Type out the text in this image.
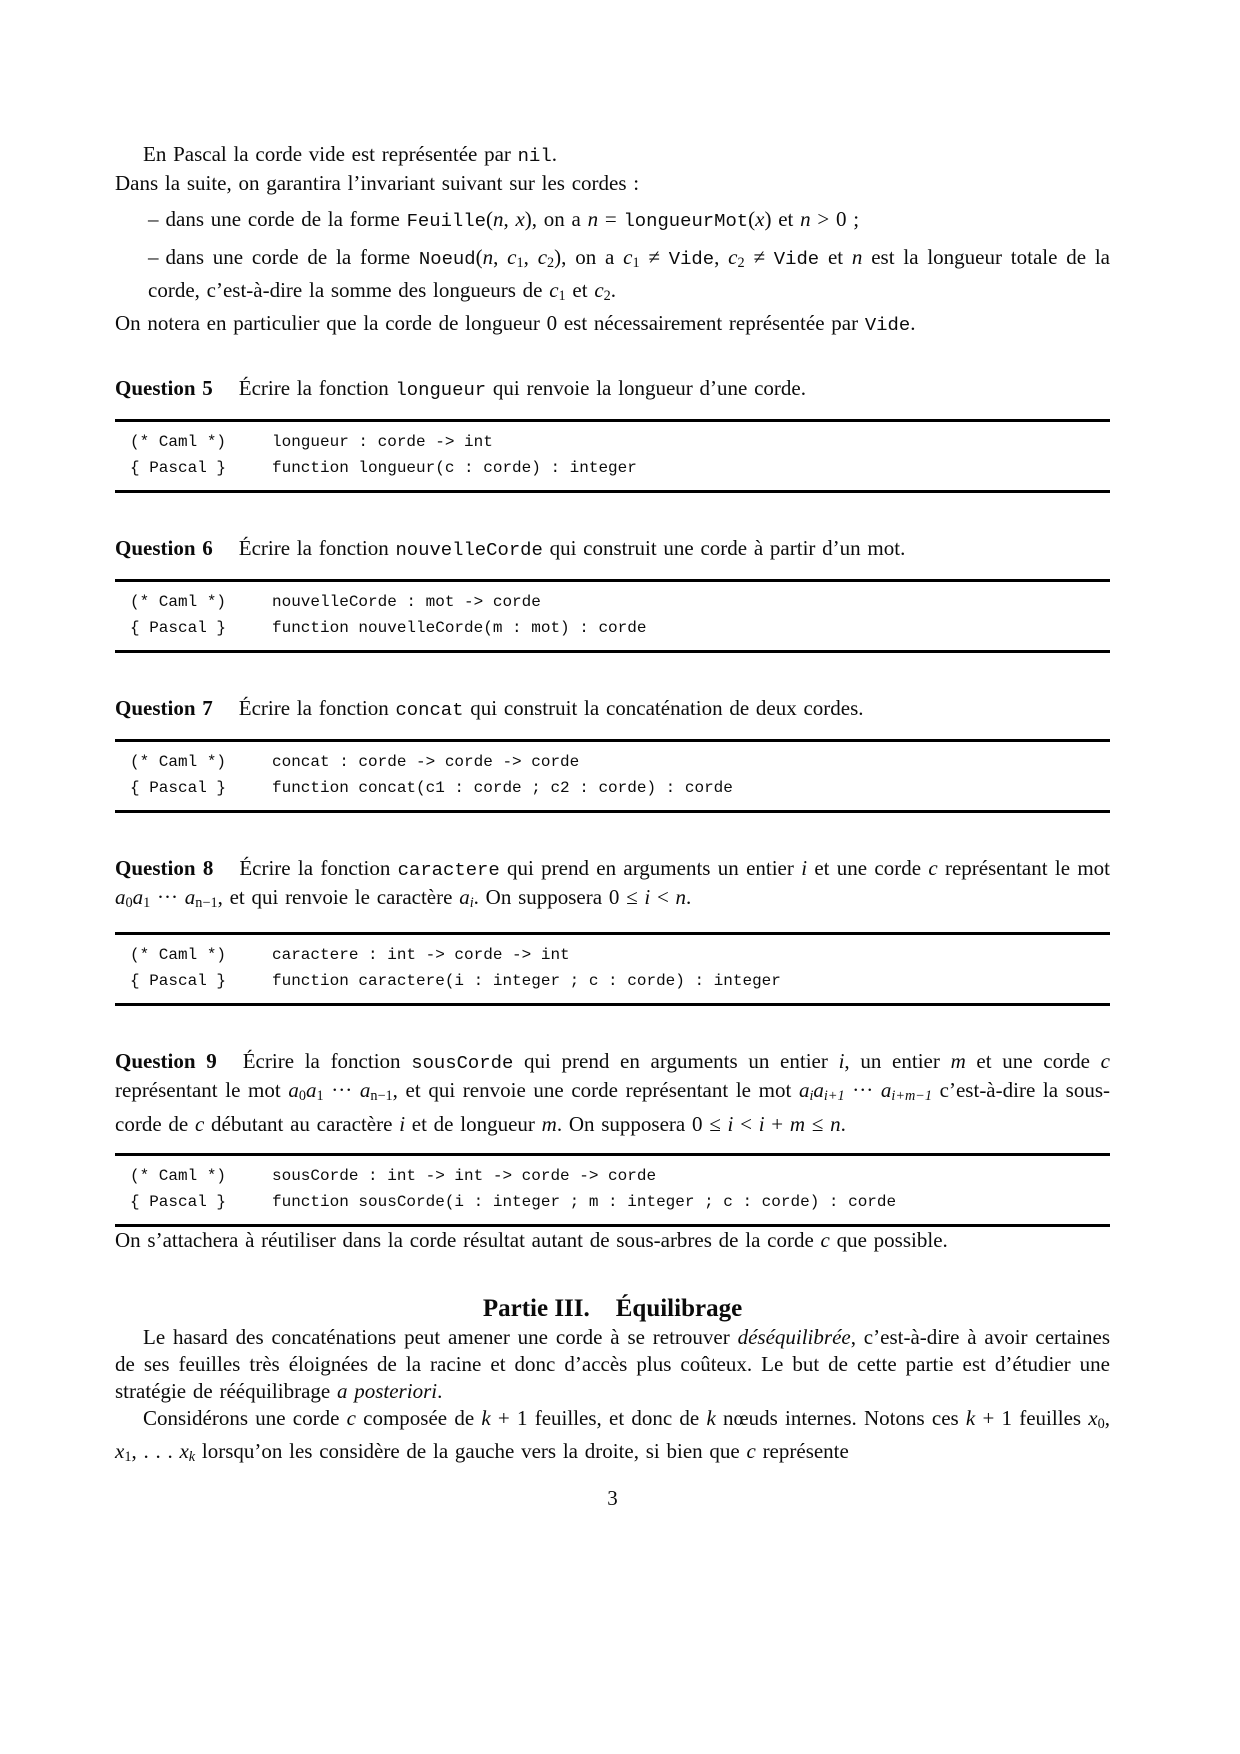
En Pascal la corde vide est représentée par nil.

Dans la suite, on garantira l’invariant suivant sur les cordes :

– dans une corde de la forme Feuille(n, x), on a n = longueurMot(x) et n > 0 ;
– dans une corde de la forme Noeud(n, c1, c2), on a c1 ≠ Vide, c2 ≠ Vide et n est la longueur totale de la corde, c’est-à-dire la somme des longueurs de c1 et c2.

On notera en particulier que la corde de longueur 0 est nécessairement représentée par Vide.

Question 5 Écrire la fonction longueur qui renvoie la longueur d’une corde.

(* Caml *)	longueur : corde -> int
{ Pascal }	function longueur(c : corde) : integer

Question 6 Écrire la fonction nouvelleCorde qui construit une corde à partir d’un mot.

(* Caml *)	nouvelleCorde : mot -> corde
{ Pascal }	function nouvelleCorde(m : mot) : corde

Question 7 Écrire la fonction concat qui construit la concaténation de deux cordes.

(* Caml *)	concat : corde -> corde -> corde
{ Pascal }	function concat(c1 : corde ; c2 : corde) : corde

Question 8 Écrire la fonction caractere qui prend en arguments un entier i et une corde c représentant le mot a0a1 ··· an−1, et qui renvoie le caractère ai. On supposera 0 ≤ i < n.

(* Caml *)	caractere : int -> corde -> int
{ Pascal }	function caractere(i : integer ; c : corde) : integer

Question 9 Écrire la fonction sousCorde qui prend en arguments un entier i, un entier m et une corde c représentant le mot a0a1 ··· an−1, et qui renvoie une corde représentant le mot aiai+1 ··· ai+m−1 c’est-à-dire la sous-corde de c débutant au caractère i et de longueur m. On supposera 0 ≤ i < i + m ≤ n.

(* Caml *)	sousCorde : int -> int -> corde -> corde
{ Pascal }	function sousCorde(i : integer ; m : integer ; c : corde) : corde

On s’attachera à réutiliser dans la corde résultat autant de sous-arbres de la corde c que possible.

Partie III. Équilibrage

Le hasard des concaténations peut amener une corde à se retrouver déséquilibrée, c’est-à-dire à avoir certaines de ses feuilles très éloignées de la racine et donc d’accès plus coûteux. Le but de cette partie est d’étudier une stratégie de rééquilibrage a posteriori.

Considérons une corde c composée de k + 1 feuilles, et donc de k nœuds internes. Notons ces k + 1 feuilles x0, x1, . . . xk lorsqu’on les considère de la gauche vers la droite, si bien que c représente

3
